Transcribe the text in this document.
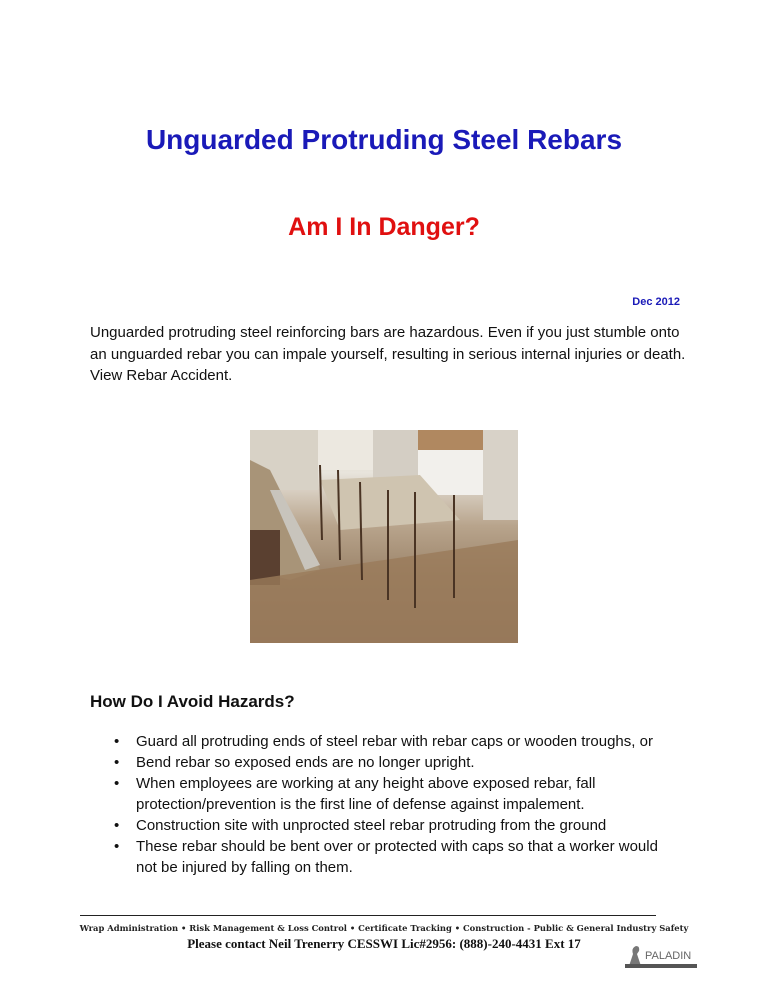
Unguarded Protruding Steel Rebars
Am I In Danger?
Dec 2012
Unguarded protruding steel reinforcing bars are hazardous. Even if you just stumble onto an unguarded rebar you can impale yourself, resulting in serious internal injuries or death. View Rebar Accident.
How Do I Avoid Hazards?
• Guard all protruding ends of steel rebar with rebar caps or wooden troughs, or
• Bend rebar so exposed ends are no longer upright.
• When employees are working at any height above exposed rebar, fall protection/prevention is the first line of defense against impalement.
• Construction site with unprocted steel rebar protruding from the ground
• These rebar should be bent over or protected with caps so that a worker would not be injured by falling on them.
Wrap Administration • Risk Management & Loss Control • Certificate Tracking • Construction - Public & General Industry Safety
Please contact Neil Trenerry CESSWI Lic#2956: (888)-240-4431 Ext 17
PALADIN
